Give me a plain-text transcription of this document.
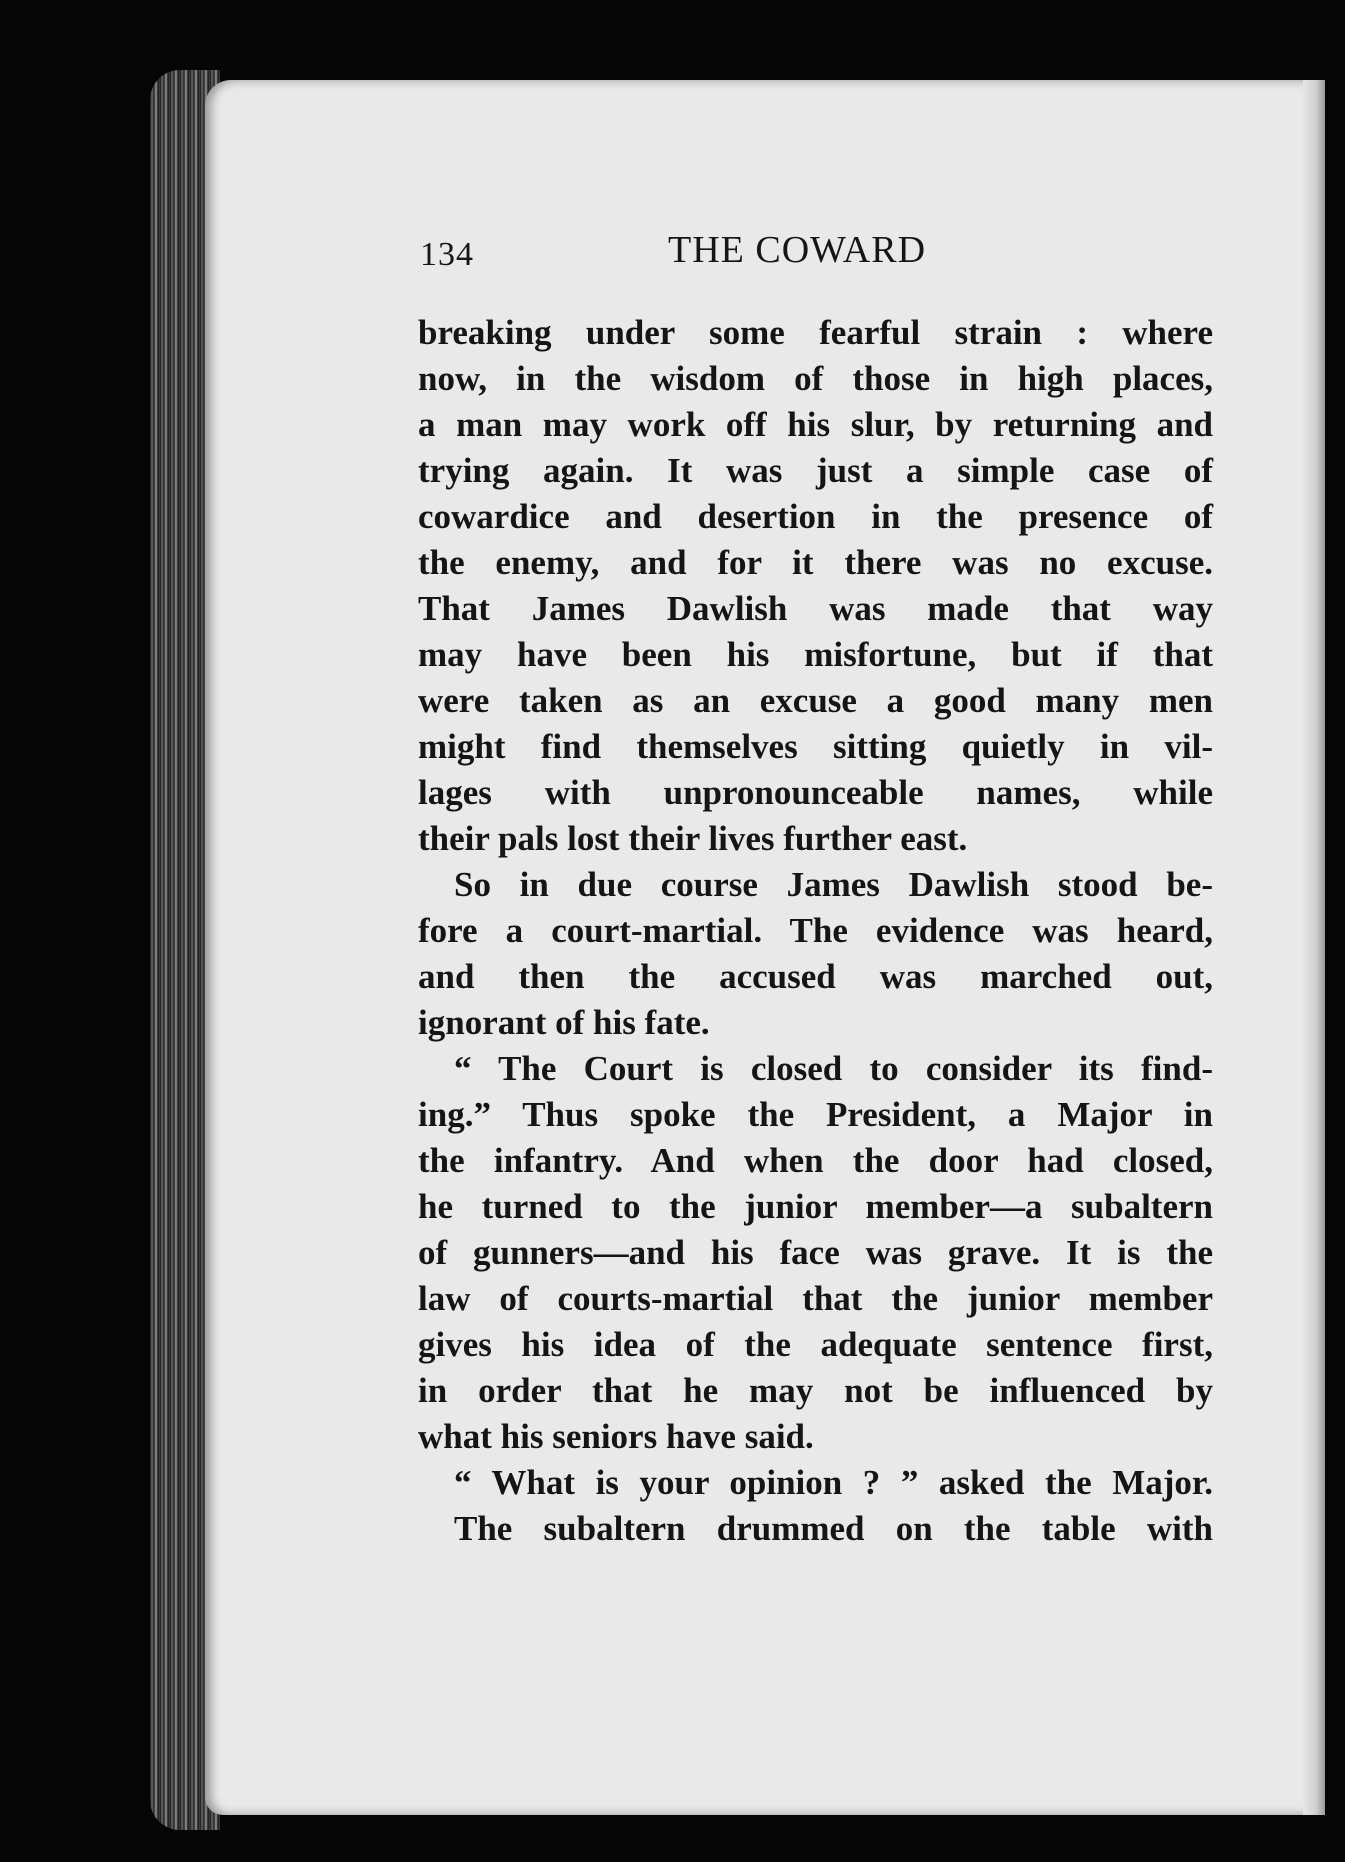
134	THE COWARD
breaking under some fearful strain : where
now, in the wisdom of those in high places,
a man may work off his slur, by returning and
trying again. It was just a simple case of
cowardice and desertion in the presence of
the enemy, and for it there was no excuse.
That James Dawlish was made that way
may have been his misfortune, but if that
were taken as an excuse a good many men
might find themselves sitting quietly in vil-
lages with unpronounceable names, while
their pals lost their lives further east.
So in due course James Dawlish stood be-
fore a court-martial. The evidence was heard,
and then the accused was marched out,
ignorant of his fate.
“ The Court is closed to consider its find-
ing.” Thus spoke the President, a Major in
the infantry. And when the door had closed,
he turned to the junior member—a subaltern
of gunners—and his face was grave. It is the
law of courts-martial that the junior member
gives his idea of the adequate sentence first,
in order that he may not be influenced by
what his seniors have said.
“ What is your opinion ? ” asked the Major.
The subaltern drummed on the table with
